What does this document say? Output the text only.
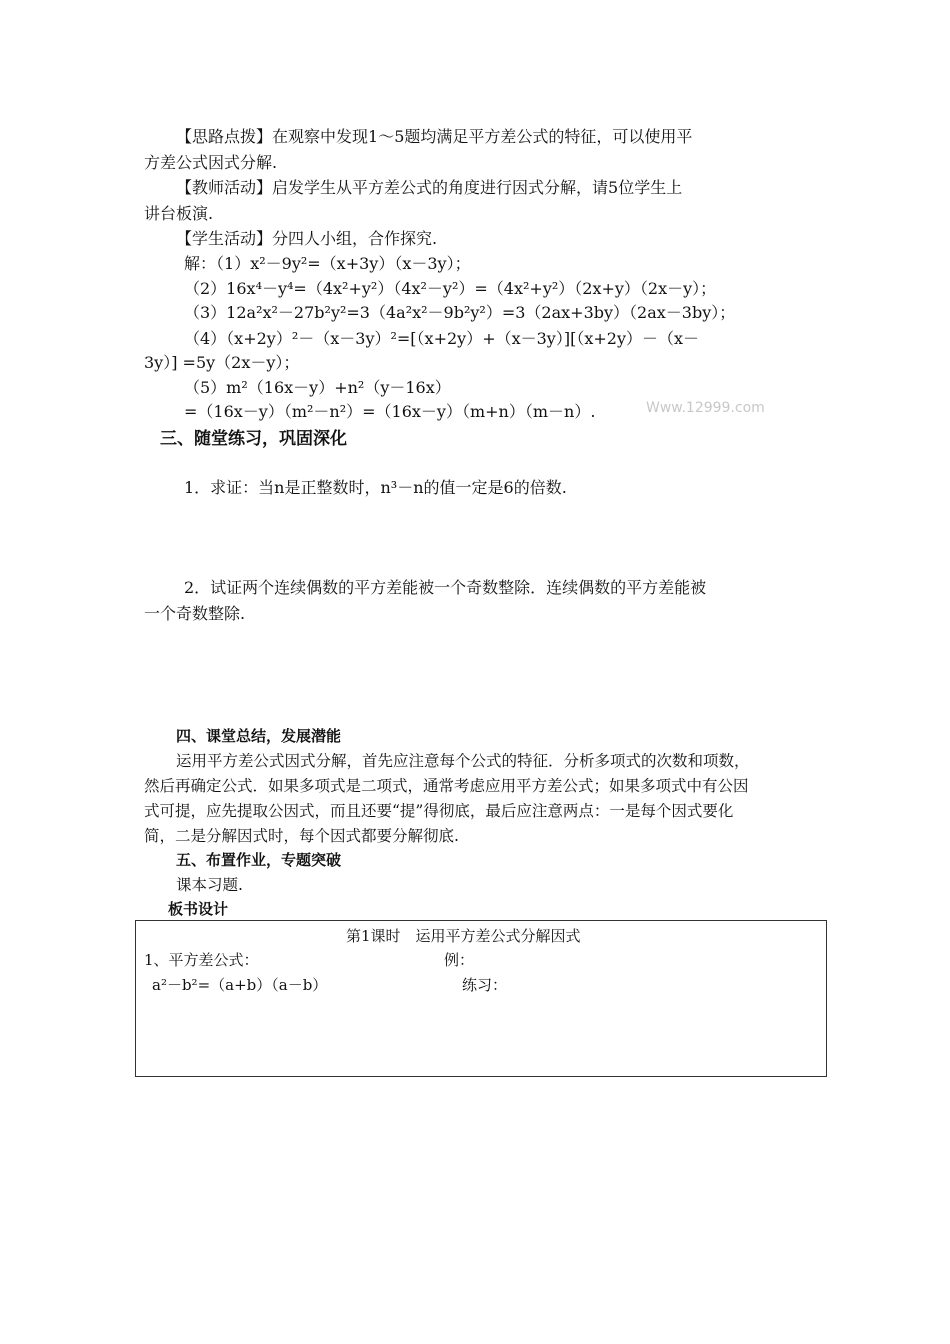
【思路点拨】在观察中发现1～5题均满足平方差公式的特征，可以使用平
方差公式因式分解.
【教师活动】启发学生从平方差公式的角度进行因式分解，请5位学生上
讲台板演.
【学生活动】分四人小组，合作探究.
解：（1）x²－9y²=（x+3y）（x－3y）；
（2）16x⁴－y⁴=（4x²+y²）（4x²－y²）=（4x²+y²）（2x+y）（2x－y）；
（3）12a²x²－27b²y²=3（4a²x²－9b²y²）=3（2ax+3by）（2ax－3by）；
（4）（x+2y）²－（x－3y）²=[（x+2y）+（x－3y）][（x+2y）－（x－
3y）] =5y（2x－y）；
（5）m²（16x－y）+n²（y－16x）
=（16x－y）（m²－n²）=（16x－y）（m+n）（m－n）.	Www.12999.com
三、随堂练习，巩固深化
1．求证：当n是正整数时，n³－n的值一定是6的倍数.
2．试证两个连续偶数的平方差能被一个奇数整除．连续偶数的平方差能被
一个奇数整除.
四、课堂总结，发展潜能
运用平方差公式因式分解，首先应注意每个公式的特征．分析多项式的次数和项数，
然后再确定公式．如果多项式是二项式，通常考虑应用平方差公式；如果多项式中有公因
式可提，应先提取公因式，而且还要“提”得彻底，最后应注意两点：一是每个因式要化
简，二是分解因式时，每个因式都要分解彻底.
五、布置作业，专题突破
课本习题.
板书设计
第1课时　运用平方差公式分解因式
1、平方差公式：	例：
a²－b²=（a+b）（a－b）	练习：
